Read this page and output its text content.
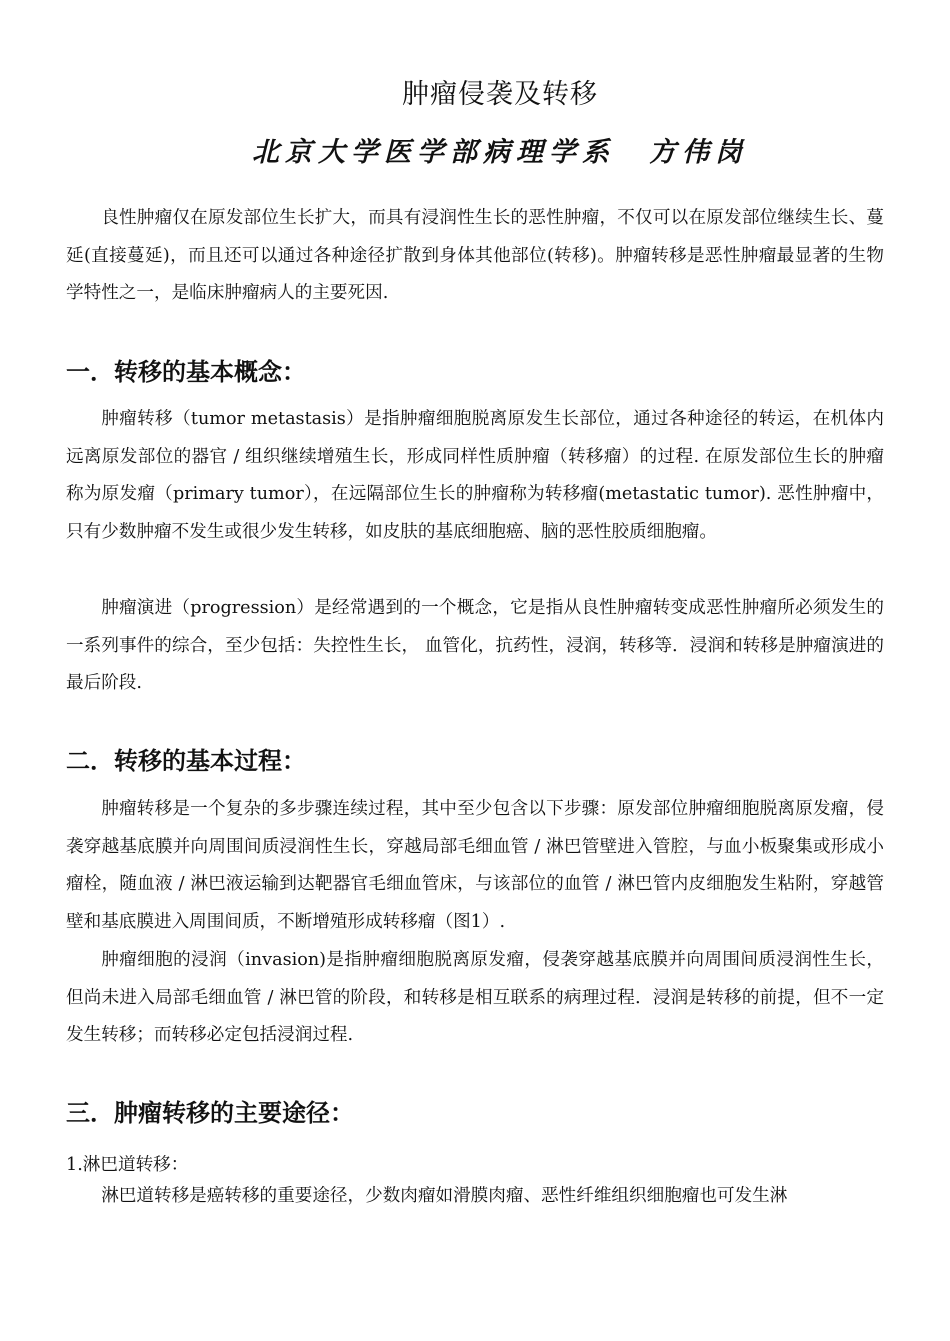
肿瘤侵袭及转移
北京大学医学部病理学系 方伟岗

良性肿瘤仅在原发部位生长扩大，而具有浸润性生长的恶性肿瘤，不仅可以在原发部位继续生长、蔓延(直接蔓延)，而且还可以通过各种途径扩散到身体其他部位(转移)。肿瘤转移是恶性肿瘤最显著的生物学特性之一，是临床肿瘤病人的主要死因.

一．转移的基本概念：

肿瘤转移（tumor metastasis）是指肿瘤细胞脱离原发生长部位，通过各种途径的转运，在机体内远离原发部位的器官 / 组织继续增殖生长，形成同样性质肿瘤（转移瘤）的过程. 在原发部位生长的肿瘤称为原发瘤（primary tumor），在远隔部位生长的肿瘤称为转移瘤(metastatic tumor). 恶性肿瘤中，只有少数肿瘤不发生或很少发生转移，如皮肤的基底细胞癌、脑的恶性胶质细胞瘤。

肿瘤演进（progression）是经常遇到的一个概念，它是指从良性肿瘤转变成恶性肿瘤所必须发生的一系列事件的综合，至少包括：失控性生长， 血管化，抗药性，浸润，转移等．浸润和转移是肿瘤演进的最后阶段.

二．转移的基本过程：

肿瘤转移是一个复杂的多步骤连续过程，其中至少包含以下步骤：原发部位肿瘤细胞脱离原发瘤，侵袭穿越基底膜并向周围间质浸润性生长，穿越局部毛细血管 / 淋巴管壁进入管腔，与血小板聚集或形成小瘤栓，随血液 / 淋巴液运输到达靶器官毛细血管床，与该部位的血管 / 淋巴管内皮细胞发生粘附，穿越管壁和基底膜进入周围间质，不断增殖形成转移瘤（图1）.

肿瘤细胞的浸润（invasion)是指肿瘤细胞脱离原发瘤，侵袭穿越基底膜并向周围间质浸润性生长，但尚未进入局部毛细血管 / 淋巴管的阶段，和转移是相互联系的病理过程．浸润是转移的前提，但不一定发生转移；而转移必定包括浸润过程.

三．肿瘤转移的主要途径：

1.淋巴道转移：

淋巴道转移是癌转移的重要途径，少数肉瘤如滑膜肉瘤、恶性纤维组织细胞瘤也可发生淋
